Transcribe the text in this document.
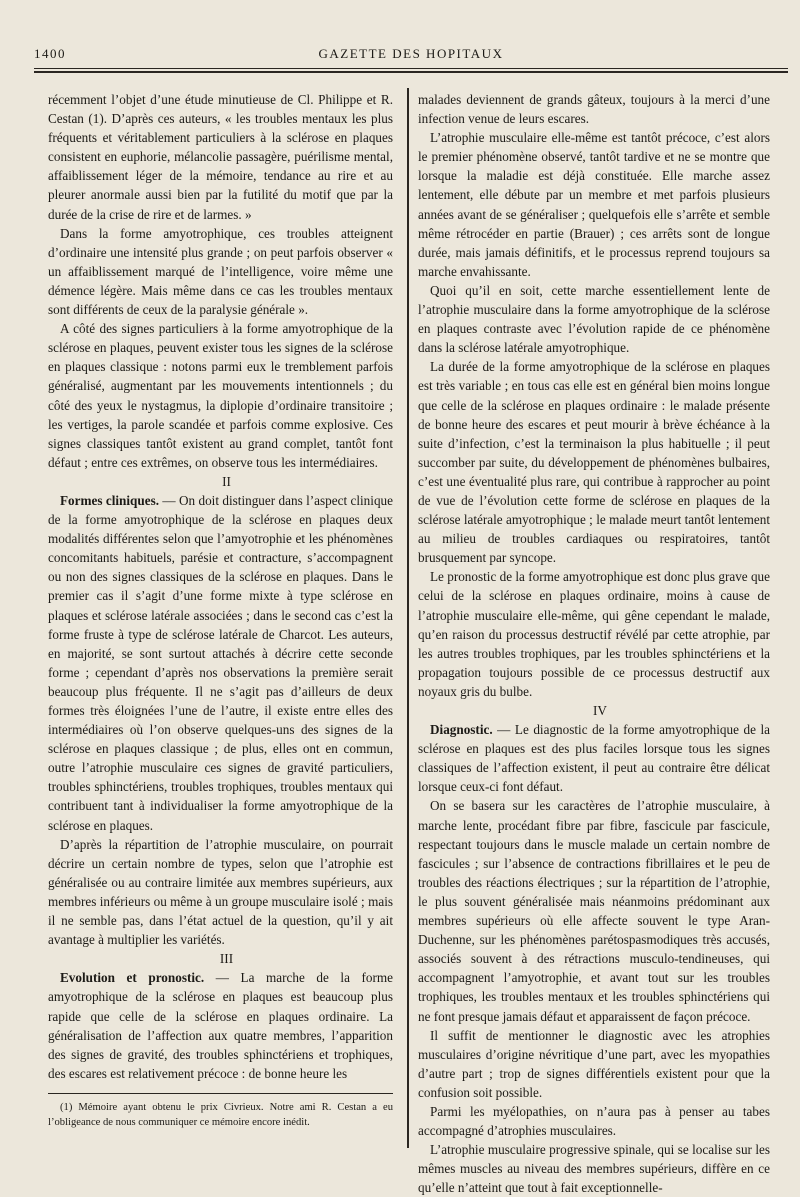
1400	GAZETTE DES HOPITAUX

récemment l’objet d’une étude minutieuse de Cl. Philippe et R. Cestan (1). D’après ces auteurs, « les troubles mentaux les plus fréquents et véritablement particuliers à la sclérose en plaques consistent en euphorie, mélancolie passagère, puérilisme mental, affaiblissement léger de la mémoire, tendance au rire et au pleurer anormale aussi bien par la futilité du motif que par la durée de la crise de rire et de larmes. »

Dans la forme amyotrophique, ces troubles atteignent d’ordinaire une intensité plus grande ; on peut parfois observer « un affaiblissement marqué de l’intelligence, voire même une démence légère. Mais même dans ce cas les troubles mentaux sont différents de ceux de la paralysie générale ».

A côté des signes particuliers à la forme amyotrophique de la sclérose en plaques, peuvent exister tous les signes de la sclérose en plaques classique : notons parmi eux le tremblement parfois généralisé, augmentant par les mouvements intentionnels ; du côté des yeux le nystagmus, la diplopie d’ordinaire transitoire ; les vertiges, la parole scandée et parfois comme explosive. Ces signes classiques tantôt existent au grand complet, tantôt font défaut ; entre ces extrêmes, on observe tous les intermédiaires.

II

Formes cliniques. — On doit distinguer dans l’aspect clinique de la forme amyotrophique de la sclérose en plaques deux modalités différentes selon que l’amyotrophie et les phénomènes concomitants habituels, parésie et contracture, s’accompagnent ou non des signes classiques de la sclérose en plaques. Dans le premier cas il s’agit d’une forme mixte à type sclérose en plaques et sclérose latérale associées ; dans le second cas c’est la forme fruste à type de sclérose latérale de Charcot. Les auteurs, en majorité, se sont surtout attachés à décrire cette seconde forme ; cependant d’après nos observations la première serait beaucoup plus fréquente. Il ne s’agit pas d’ailleurs de deux formes très éloignées l’une de l’autre, il existe entre elles des intermédiaires où l’on observe quelques-uns des signes de la sclérose en plaques classique ; de plus, elles ont en commun, outre l’atrophie musculaire ces signes de gravité particuliers, troubles sphinctériens, troubles trophiques, troubles mentaux qui contribuent tant à individualiser la forme amyotrophique de la sclérose en plaques.

D’après la répartition de l’atrophie musculaire, on pourrait décrire un certain nombre de types, selon que l’atrophie est généralisée ou au contraire limitée aux membres supérieurs, aux membres inférieurs ou même à un groupe musculaire isolé ; mais il ne semble pas, dans l’état actuel de la question, qu’il y ait avantage à multiplier les variétés.

III

Evolution et pronostic. — La marche de la forme amyotrophique de la sclérose en plaques est beaucoup plus rapide que celle de la sclérose en plaques ordinaire. La généralisation de l’affection aux quatre membres, l’apparition des signes de gravité, des troubles sphinctériens et trophiques, des escares est relativement précoce : de bonne heure les

(1) Mémoire ayant obtenu le prix Civrieux. Notre ami R. Cestan a eu l’obligeance de nous communiquer ce mémoire encore inédit.

malades deviennent de grands gâteux, toujours à la merci d’une infection venue de leurs escares.

L’atrophie musculaire elle-même est tantôt précoce, c’est alors le premier phénomène observé, tantôt tardive et ne se montre que lorsque la maladie est déjà constituée. Elle marche assez lentement, elle débute par un membre et met parfois plusieurs années avant de se généraliser ; quelquefois elle s’arrête et semble même rétrocéder en partie (Brauer) ; ces arrêts sont de longue durée, mais jamais définitifs, et le processus reprend toujours sa marche envahissante.

Quoi qu’il en soit, cette marche essentiellement lente de l’atrophie musculaire dans la forme amyotrophique de la sclérose en plaques contraste avec l’évolution rapide de ce phénomène dans la sclérose latérale amyotrophique.

La durée de la forme amyotrophique de la sclérose en plaques est très variable ; en tous cas elle est en général bien moins longue que celle de la sclérose en plaques ordinaire : le malade présente de bonne heure des escares et peut mourir à brève échéance à la suite d’infection, c’est la terminaison la plus habituelle ; il peut succomber par suite, du développement de phénomènes bulbaires, c’est une éventualité plus rare, qui contribue à rapprocher au point de vue de l’évolution cette forme de sclérose en plaques de la sclérose latérale amyotrophique ; le malade meurt tantôt lentement au milieu de troubles cardiaques ou respiratoires, tantôt brusquement par syncope.

Le pronostic de la forme amyotrophique est donc plus grave que celui de la sclérose en plaques ordinaire, moins à cause de l’atrophie musculaire elle-même, qui gêne cependant le malade, qu’en raison du processus destructif révélé par cette atrophie, par les autres troubles trophiques, par les troubles sphinctériens et la propagation toujours possible de ce processus destructif aux noyaux gris du bulbe.

IV

Diagnostic. — Le diagnostic de la forme amyotrophique de la sclérose en plaques est des plus faciles lorsque tous les signes classiques de l’affection existent, il peut au contraire être délicat lorsque ceux-ci font défaut.

On se basera sur les caractères de l’atrophie musculaire, à marche lente, procédant fibre par fibre, fascicule par fascicule, respectant toujours dans le muscle malade un certain nombre de fascicules ; sur l’absence de contractions fibrillaires et le peu de troubles des réactions électriques ; sur la répartition de l’atrophie, le plus souvent généralisée mais néanmoins prédominant aux membres supérieurs où elle affecte souvent le type Aran-Duchenne, sur les phénomènes parétospasmodiques très accusés, associés souvent à des rétractions musculo-tendineuses, qui accompagnent l’amyotrophie, et avant tout sur les troubles trophiques, les troubles mentaux et les troubles sphinctériens qui ne font presque jamais défaut et apparaissent de façon précoce.

Il suffit de mentionner le diagnostic avec les atrophies musculaires d’origine névritique d’une part, avec les myopathies d’autre part ; trop de signes différentiels existent pour que la confusion soit possible.

Parmi les myélopathies, on n’aura pas à penser au tabes accompagné d’atrophies musculaires.

L’atrophie musculaire progressive spinale, qui se localise sur les mêmes muscles au niveau des membres supérieurs, diffère en ce qu’elle n’atteint que tout à fait exceptionnelle-
